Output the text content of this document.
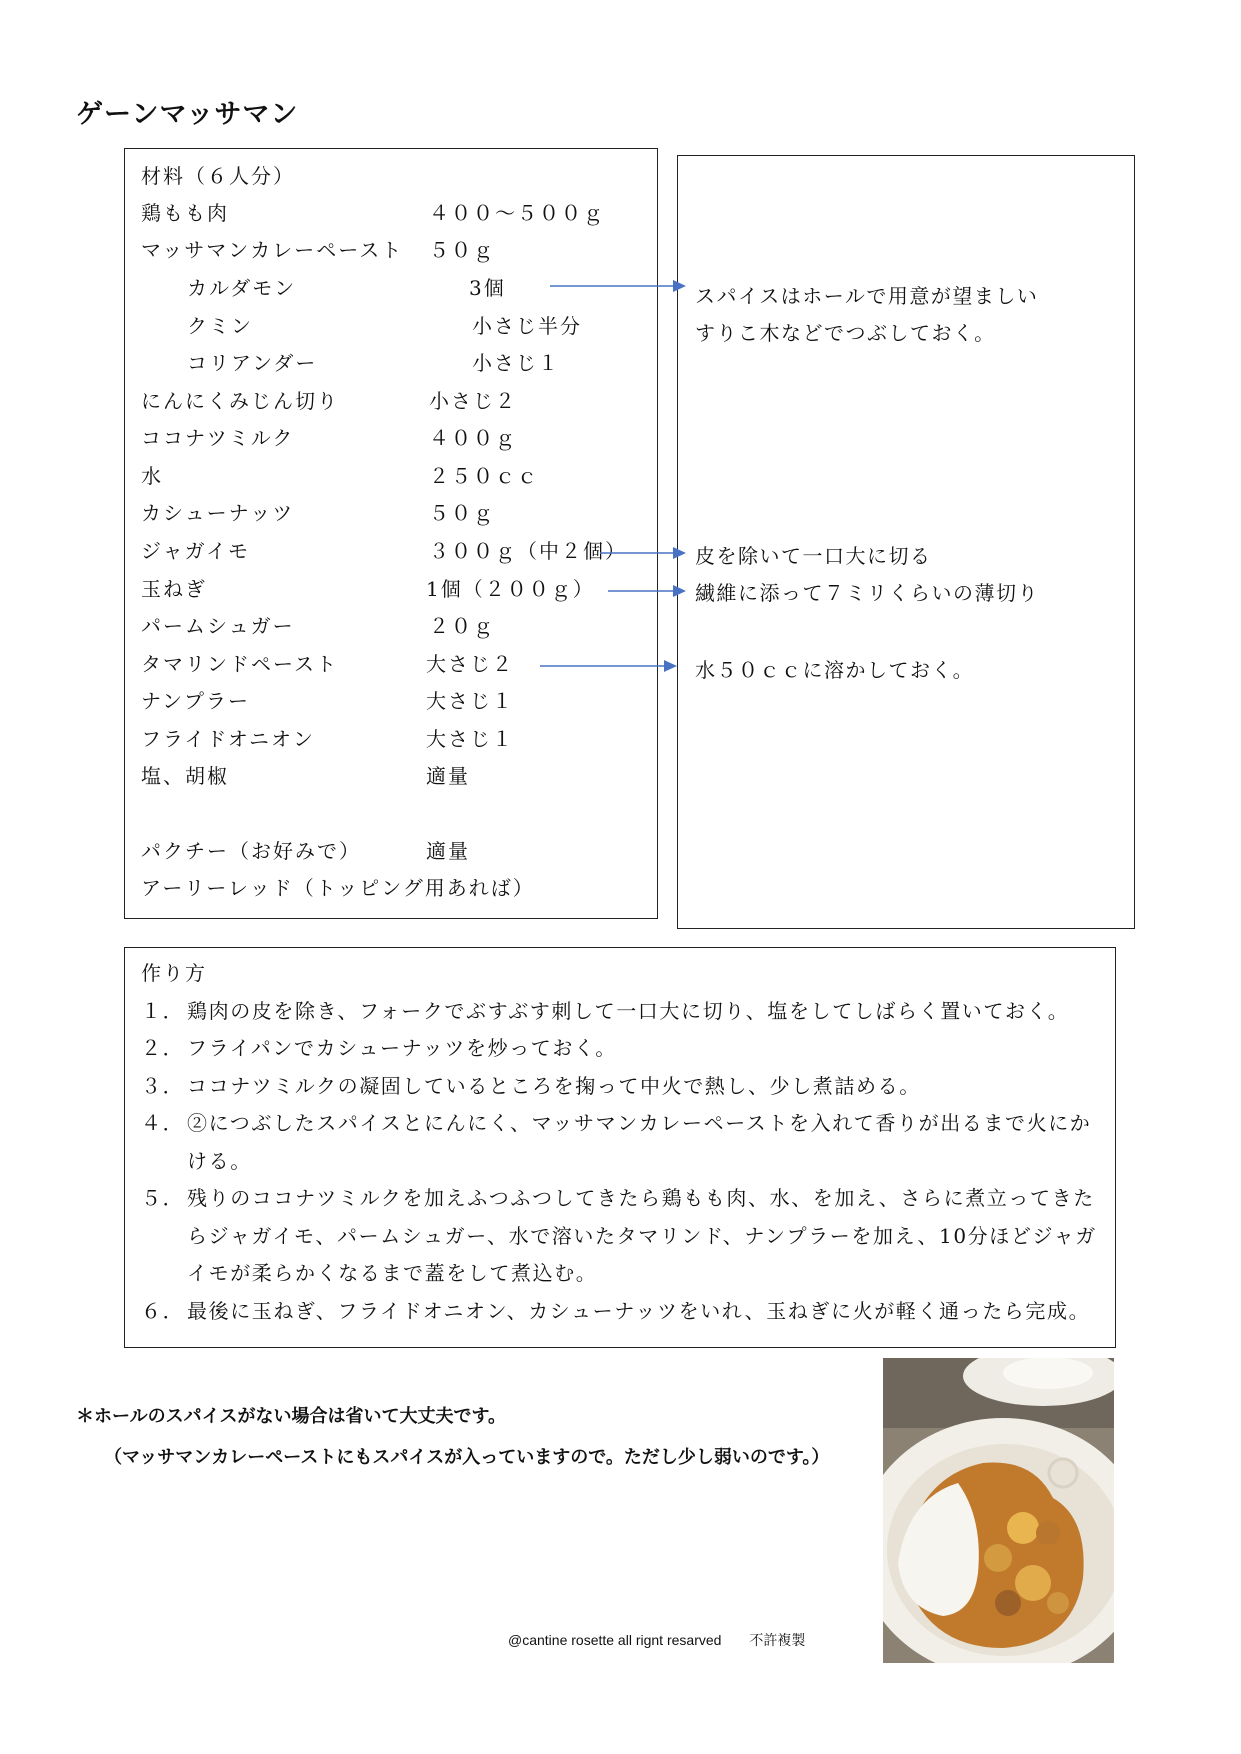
ゲーンマッサマン
材料（６人分）
鶏もも肉	４００～５００ｇ
マッサマンカレーペースト ５０ｇ
カルダモン	3個
クミン	小さじ半分
コリアンダー	小さじ１
にんにくみじん切り	小さじ２
ココナツミルク	４００ｇ
水	２５０ｃｃ
カシューナッツ	５０ｇ
ジャガイモ	３００ｇ（中２個）
玉ねぎ	1個（２００ｇ）
パームシュガー	２０ｇ
タマリンドペースト	大さじ２
ナンプラー	大さじ１
フライドオニオン	大さじ１
塩、胡椒	適量
パクチー（お好みで）	適量
アーリーレッド（トッピング用あれば）
スパイスはホールで用意が望ましい
すりこ木などでつぶしておく。
皮を除いて一口大に切る
繊維に添って７ミリくらいの薄切り
水５０ｃｃに溶かしておく。
作り方
１． 鶏肉の皮を除き、フォークでぶすぶす刺して一口大に切り、塩をしてしばらく置いておく。
２． フライパンでカシューナッツを炒っておく。
３． ココナツミルクの凝固しているところを掬って中火で熱し、少し煮詰める。
４． ②につぶしたスパイスとにんにく、マッサマンカレーペーストを入れて香りが出るまで火にかける。
５． 残りのココナツミルクを加えふつふつしてきたら鶏もも肉、水、を加え、さらに煮立ってきたらジャガイモ、パームシュガー、水で溶いたタマリンド、ナンプラーを加え、10分ほどジャガイモが柔らかくなるまで蓋をして煮込む。
６． 最後に玉ねぎ、フライドオニオン、カシューナッツをいれ、玉ねぎに火が軽く通ったら完成。
＊ホールのスパイスがない場合は省いて大丈夫です。
（マッサマンカレーペーストにもスパイスが入っていますので。ただし少し弱いのです。）
@cantine rosette all rignt resarved　　不許複製
